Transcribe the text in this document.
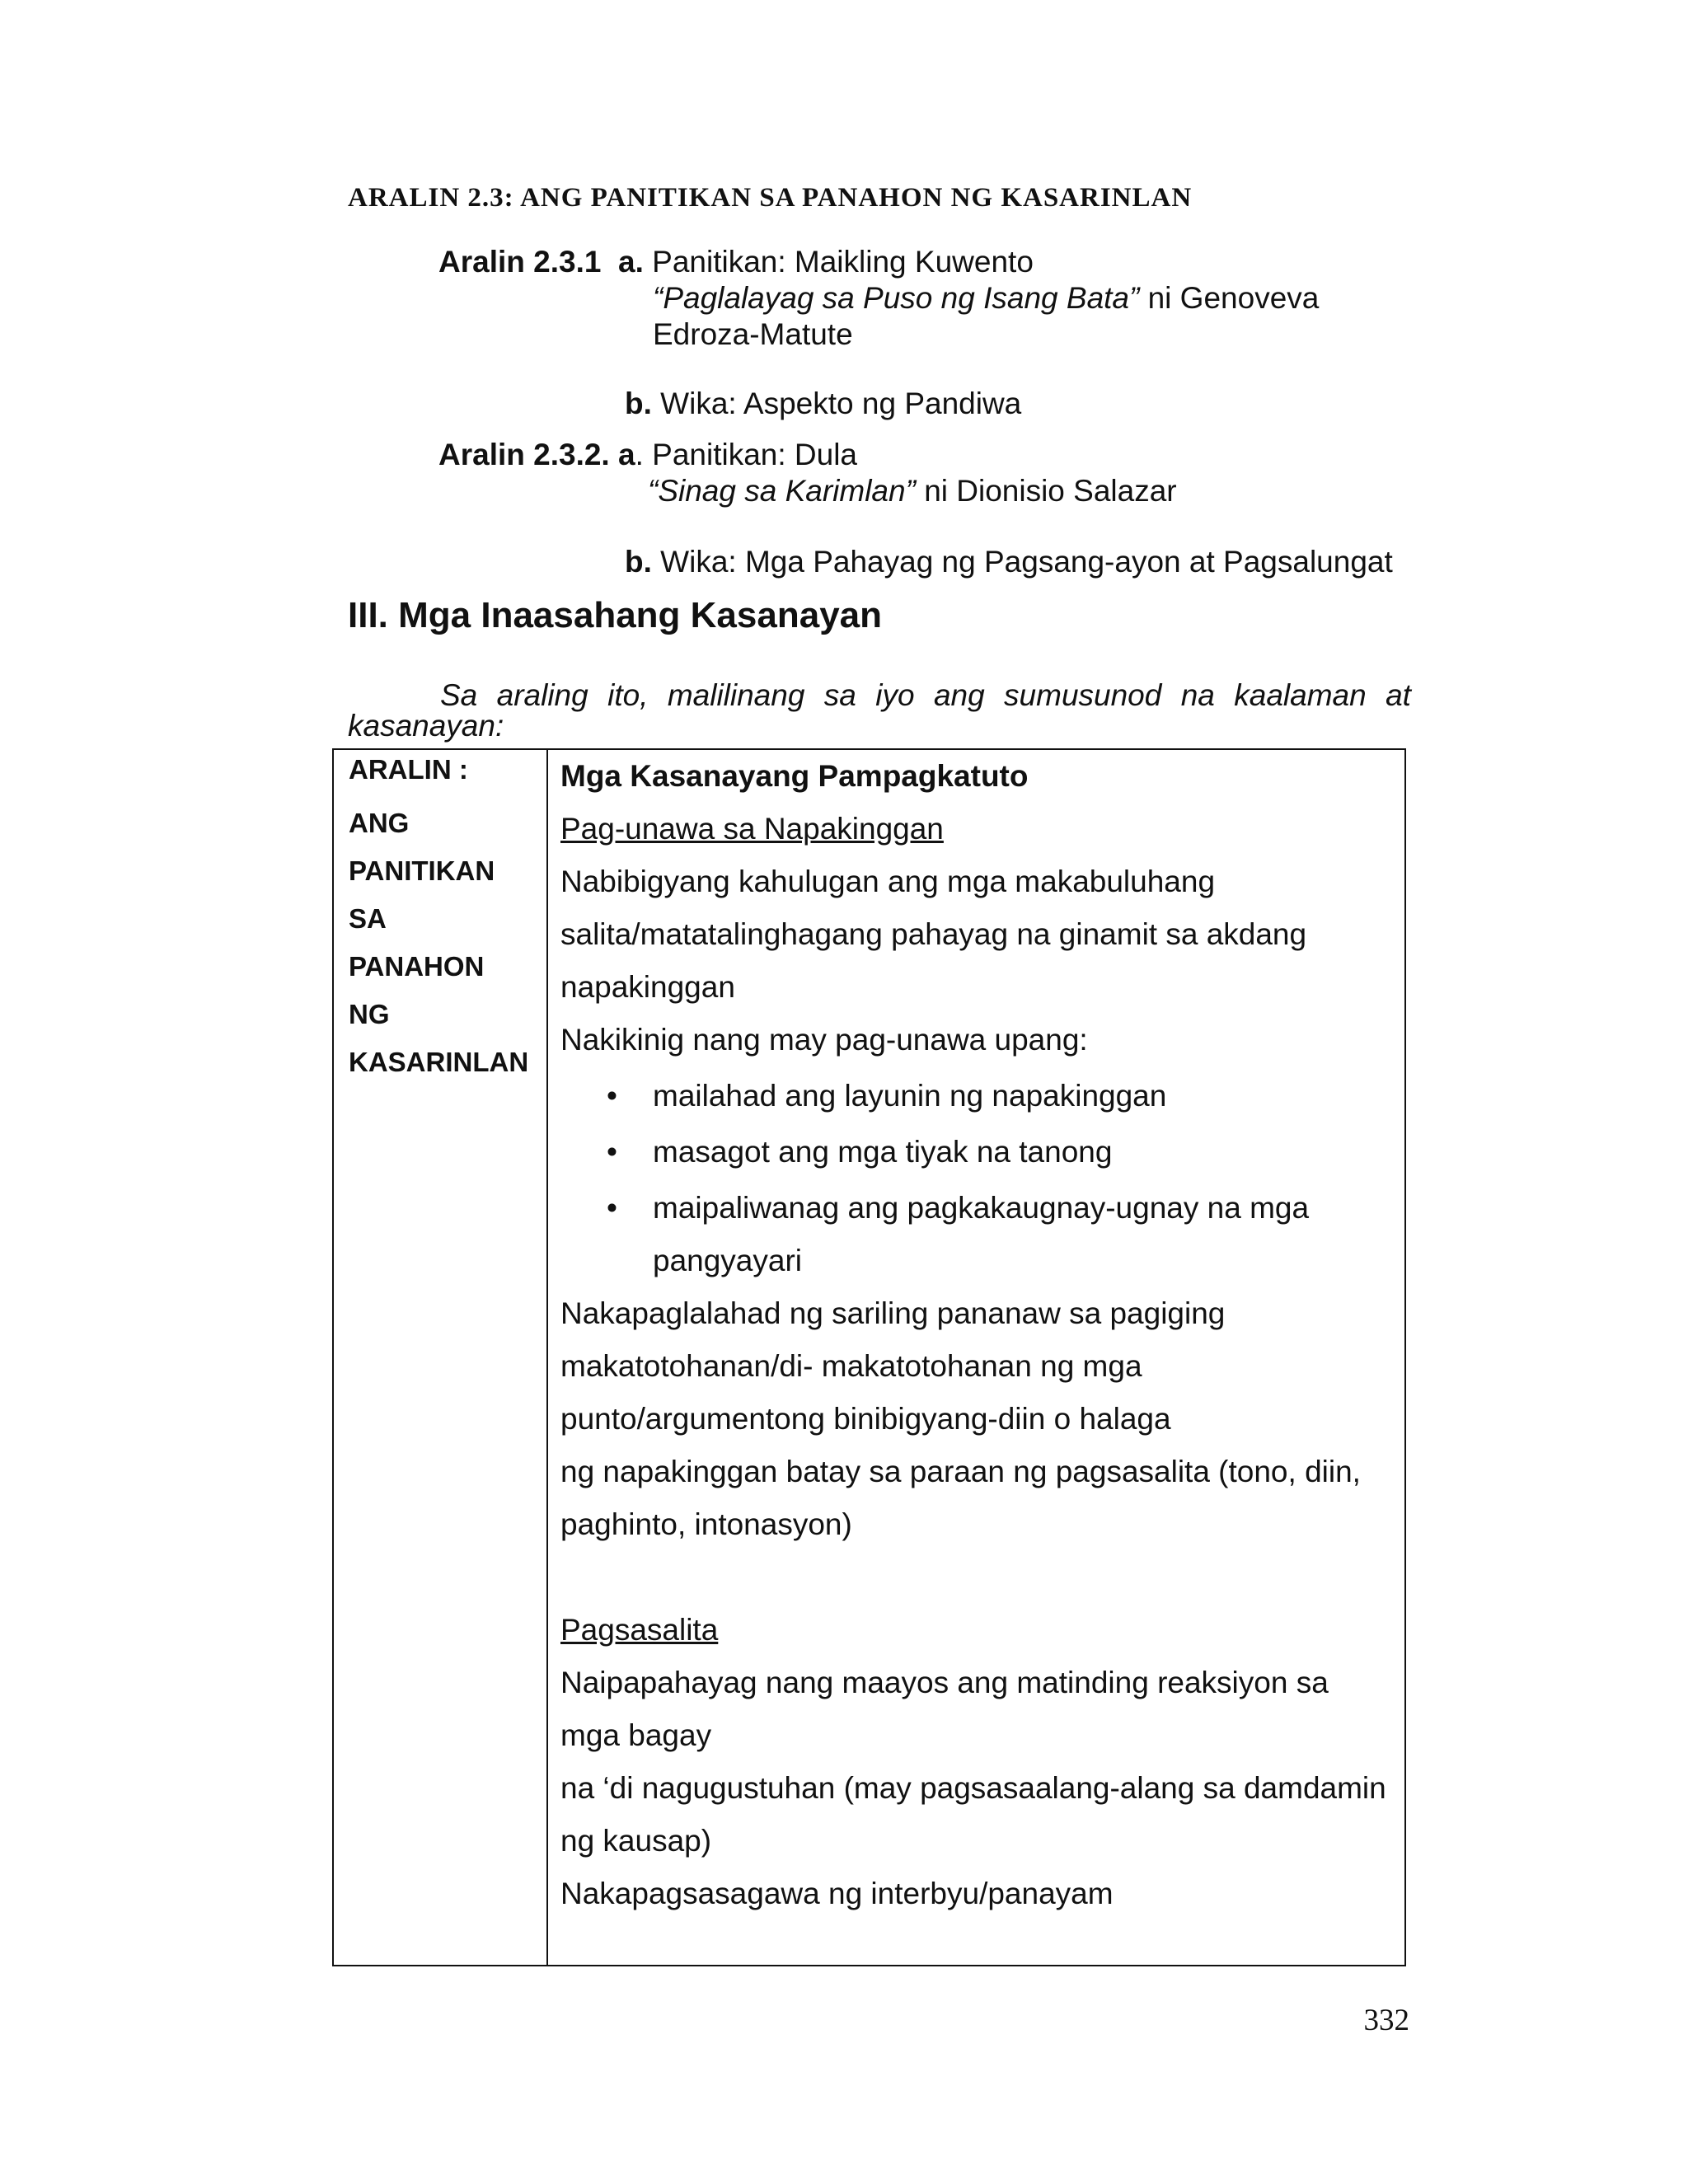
ARALIN 2.3: ANG PANITIKAN SA PANAHON NG KASARINLAN
Aralin 2.3.1 a. Panitikan: Maikling Kuwento
“Paglalayag sa Puso ng Isang Bata” ni Genoveva
Edroza-Matute
b. Wika: Aspekto ng Pandiwa
Aralin 2.3.2. a. Panitikan: Dula
“Sinag sa Karimlan” ni Dionisio Salazar
b. Wika: Mga Pahayag ng Pagsang-ayon at Pagsalungat
III. Mga Inaasahang Kasanayan
Sa araling ito, malilinang sa iyo ang sumusunod na kaalaman at
kasanayan:
ARALIN :
ANG
PANITIKAN
SA
PANAHON
NG
KASARINLAN
Mga Kasanayang Pampagkatuto
Pag-unawa sa Napakinggan
Nabibigyang kahulugan ang mga makabuluhang
salita/matatalinghagang pahayag na ginamit sa akdang
napakinggan
Nakikinig nang may pag-unawa upang:
• mailahad ang layunin ng napakinggan
• masagot ang mga tiyak na tanong
• maipaliwanag ang pagkakaugnay-ugnay na mga
pangyayari
Nakapaglalahad ng sariling pananaw sa pagiging
makatotohanan/di- makatotohanan ng mga
punto/argumentong binibigyang-diin o halaga
ng napakinggan batay sa paraan ng pagsasalita (tono, diin,
paghinto, intonasyon)
Pagsasalita
Naipapahayag nang maayos ang matinding reaksiyon sa
mga bagay
na ‘di nagugustuhan (may pagsasaalang-alang sa damdamin
ng kausap)
Nakapagsasagawa ng interbyu/panayam
332
